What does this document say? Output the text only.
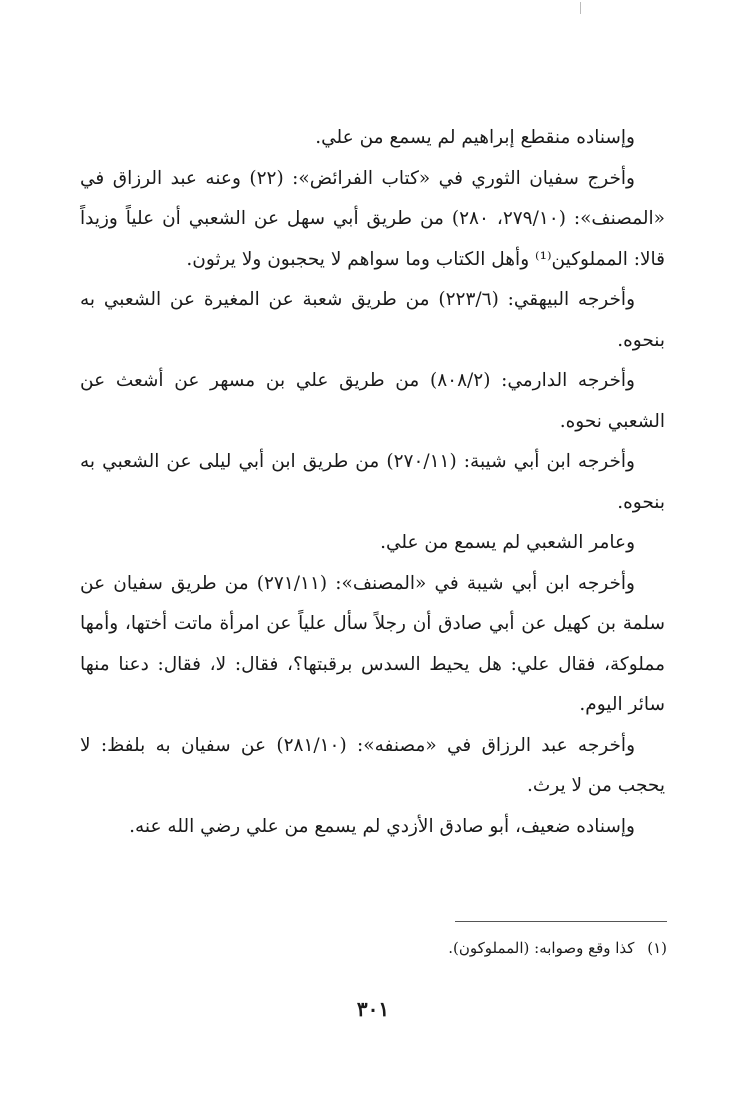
وإسناده منقطع إبراهيم لم يسمع من علي.

وأخرج سفيان الثوري في «كتاب الفرائض»: (٢٢) وعنه عبد الرزاق في «المصنف»: (٢٧٩/١٠، ٢٨٠) من طريق أبي سهل عن الشعبي أن علياً وزيداً قالا: المملوكين⁽¹⁾ وأهل الكتاب وما سواهم لا يحجبون ولا يرثون.

وأخرجه البيهقي: (٢٢٣/٦) من طريق شعبة عن المغيرة عن الشعبي به بنحوه.

وأخرجه الدارمي: (٨٠٨/٢) من طريق علي بن مسهر عن أشعث عن الشعبي نحوه.

وأخرجه ابن أبي شيبة: (٢٧٠/١١) من طريق ابن أبي ليلى عن الشعبي به بنحوه.

وعامر الشعبي لم يسمع من علي.

وأخرجه ابن أبي شيبة في «المصنف»: (٢٧١/١١) من طريق سفيان عن سلمة بن كهيل عن أبي صادق أن رجلاً سأل علياً عن امرأة ماتت أختها، وأمها مملوكة، فقال علي: هل يحيط السدس برقبتها؟، فقال: لا، فقال: دعنا منها سائر اليوم.

وأخرجه عبد الرزاق في «مصنفه»: (٢٨١/١٠) عن سفيان به بلفظ: لا يحجب من لا يرث.

وإسناده ضعيف، أبو صادق الأزدي لم يسمع من علي رضي الله عنه.

(١) كذا وقع وصوابه: (المملوكون).
٣٠١
